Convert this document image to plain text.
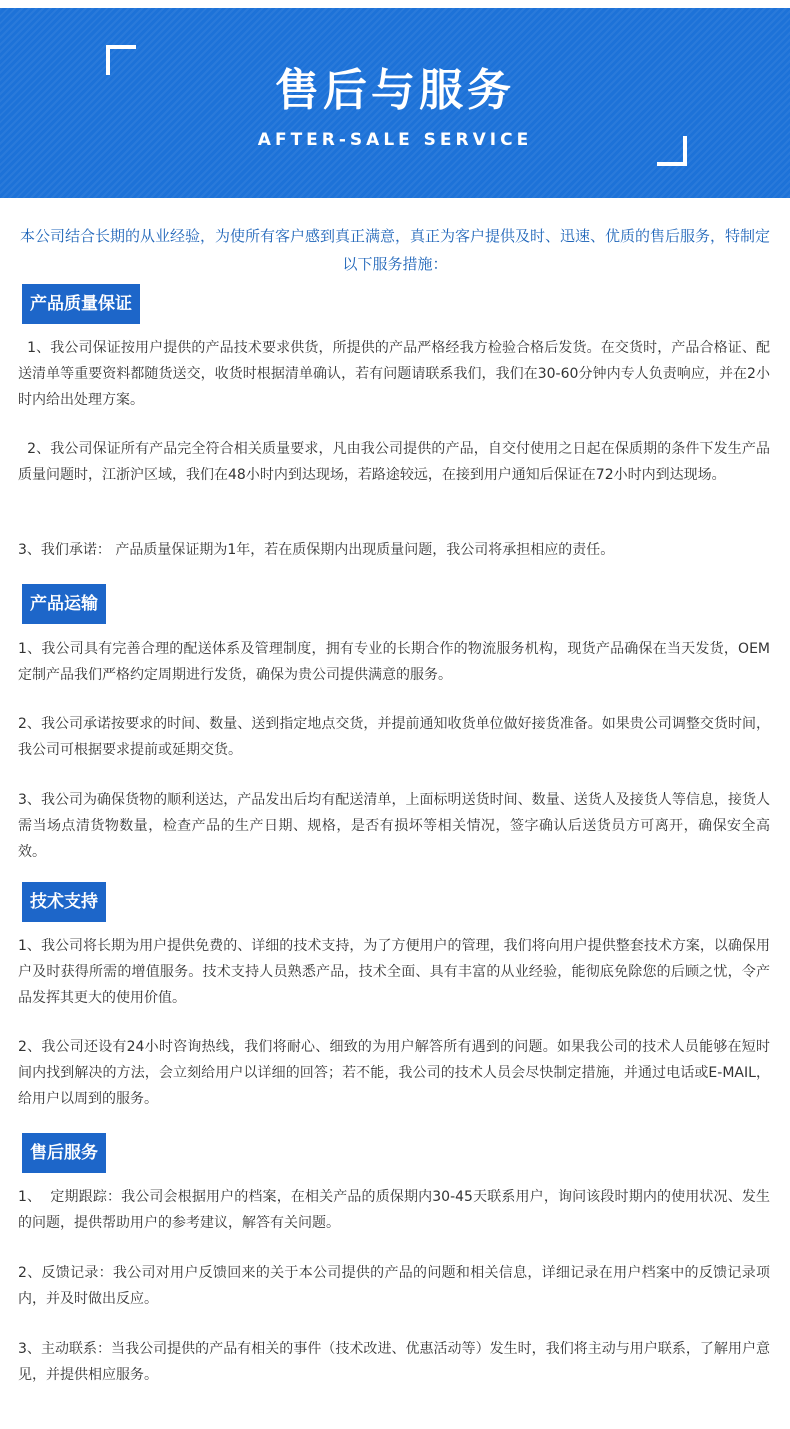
售后与服务
AFTER-SALE SERVICE
本公司结合长期的从业经验，为使所有客户感到真正满意，真正为客户提供及时、迅速、优质的售后服务，特制定以下服务措施：
产品质量保证

1、我公司保证按用户提供的产品技术要求供货，所提供的产品严格经我方检验合格后发货。在交货时，产品合格证、配送清单等重要资料都随货送交，收货时根据清单确认，若有问题请联系我们，我们在30-60分钟内专人负责响应，并在2小时内给出处理方案。

2、我公司保证所有产品完全符合相关质量要求，凡由我公司提供的产品，自交付使用之日起在保质期的条件下发生产品质量问题时，江浙沪区域，我们在48小时内到达现场，若路途较远，在接到用户通知后保证在72小时内到达现场。

3、我们承诺： 产品质量保证期为1年，若在质保期内出现质量问题，我公司将承担相应的责任。

产品运输

1、我公司具有完善合理的配送体系及管理制度，拥有专业的长期合作的物流服务机构，现货产品确保在当天发货，OEM定制产品我们严格约定周期进行发货，确保为贵公司提供满意的服务。

2、我公司承诺按要求的时间、数量、送到指定地点交货，并提前通知收货单位做好接货准备。如果贵公司调整交货时间，我公司可根据要求提前或延期交货。

3、我公司为确保货物的顺利送达，产品发出后均有配送清单，上面标明送货时间、数量、送货人及接货人等信息，接货人需当场点清货物数量，检查产品的生产日期、规格，是否有损坏等相关情况，签字确认后送货员方可离开，确保安全高效。

技术支持

1、我公司将长期为用户提供免费的、详细的技术支持，为了方便用户的管理，我们将向用户提供整套技术方案，以确保用户及时获得所需的增值服务。技术支持人员熟悉产品，技术全面、具有丰富的从业经验，能彻底免除您的后顾之忧，令产品发挥其更大的使用价值。

2、我公司还设有24小时咨询热线，我们将耐心、细致的为用户解答所有遇到的问题。如果我公司的技术人员能够在短时间内找到解决的方法，会立刻给用户以详细的回答；若不能，我公司的技术人员会尽快制定措施，并通过电话或E-MAIL，给用户以周到的服务。

售后服务

1、  定期跟踪：我公司会根据用户的档案，在相关产品的质保期内30-45天联系用户，询问该段时期内的使用状况、发生的问题，提供帮助用户的参考建议，解答有关问题。

2、反馈记录：我公司对用户反馈回来的关于本公司提供的产品的问题和相关信息，详细记录在用户档案中的反馈记录项内，并及时做出反应。

3、主动联系：当我公司提供的产品有相关的事件（技术改进、优惠活动等）发生时，我们将主动与用户联系，了解用户意见，并提供相应服务。
